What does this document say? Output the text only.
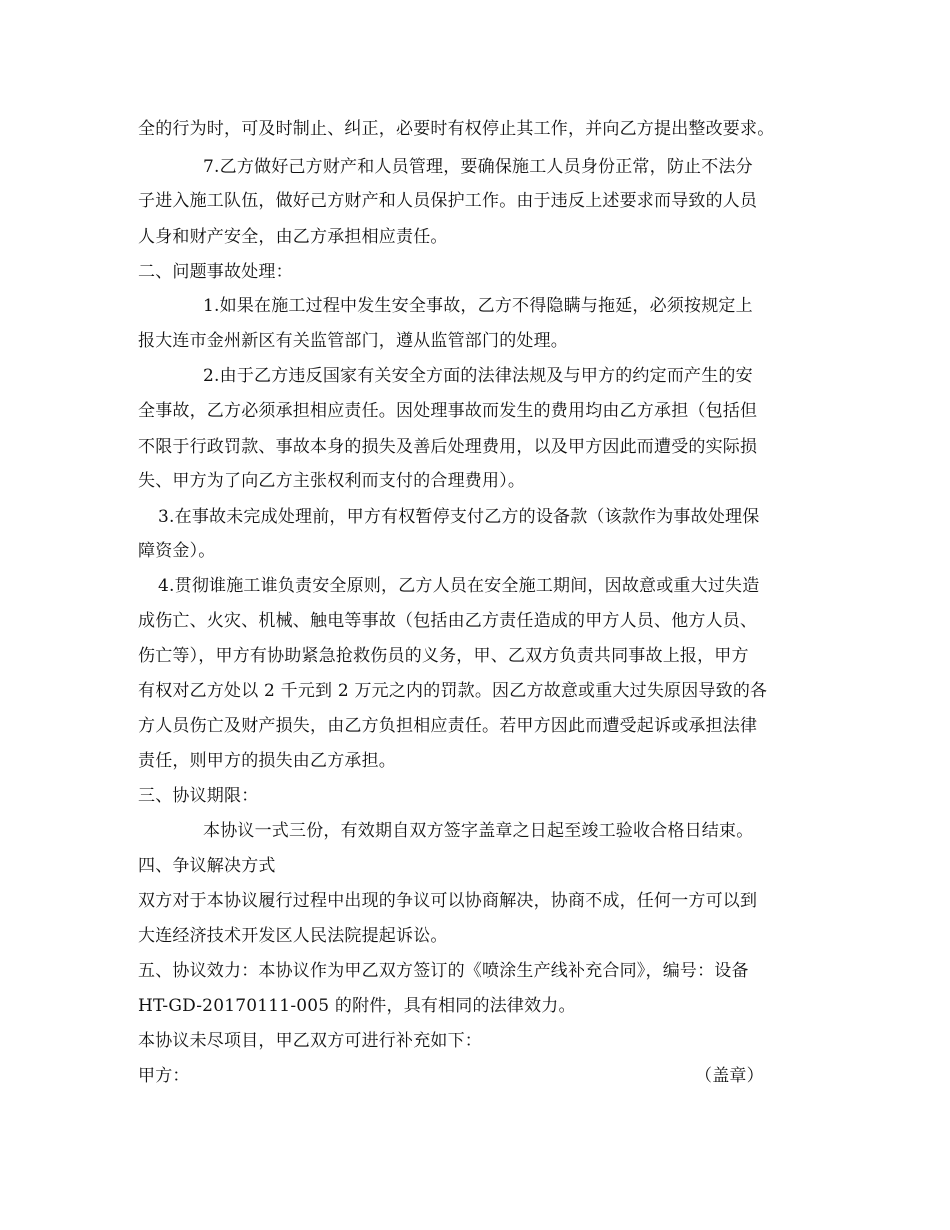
全的行为时，可及时制止、纠正，必要时有权停止其工作，并向乙方提出整改要求。
7.乙方做好己方财产和人员管理，要确保施工人员身份正常，防止不法分
子进入施工队伍，做好己方财产和人员保护工作。由于违反上述要求而导致的人员
人身和财产安全，由乙方承担相应责任。
二、问题事故处理：
1.如果在施工过程中发生安全事故，乙方不得隐瞒与拖延，必须按规定上
报大连市金州新区有关监管部门，遵从监管部门的处理。
2.由于乙方违反国家有关安全方面的法律法规及与甲方的约定而产生的安
全事故，乙方必须承担相应责任。因处理事故而发生的费用均由乙方承担（包括但
不限于行政罚款、事故本身的损失及善后处理费用，以及甲方因此而遭受的实际损
失、甲方为了向乙方主张权利而支付的合理费用）。
3.在事故未完成处理前，甲方有权暂停支付乙方的设备款（该款作为事故处理保
障资金）。
4.贯彻谁施工谁负责安全原则，乙方人员在安全施工期间，因故意或重大过失造
成伤亡、火灾、机械、触电等事故（包括由乙方责任造成的甲方人员、他方人员、
伤亡等），甲方有协助紧急抢救伤员的义务，甲、乙双方负责共同事故上报，甲方
有权对乙方处以 2 千元到 2 万元之内的罚款。因乙方故意或重大过失原因导致的各
方人员伤亡及财产损失，由乙方负担相应责任。若甲方因此而遭受起诉或承担法律
责任，则甲方的损失由乙方承担。
三、协议期限：
本协议一式三份，有效期自双方签字盖章之日起至竣工验收合格日结束。
四、争议解决方式
双方对于本协议履行过程中出现的争议可以协商解决，协商不成，任何一方可以到
大连经济技术开发区人民法院提起诉讼。
五、协议效力：本协议作为甲乙双方签订的《喷涂生产线补充合同》，编号：设备
HT-GD-20170111-005 的附件，具有相同的法律效力。
本协议未尽项目，甲乙双方可进行补充如下：
甲方：	（盖章）
